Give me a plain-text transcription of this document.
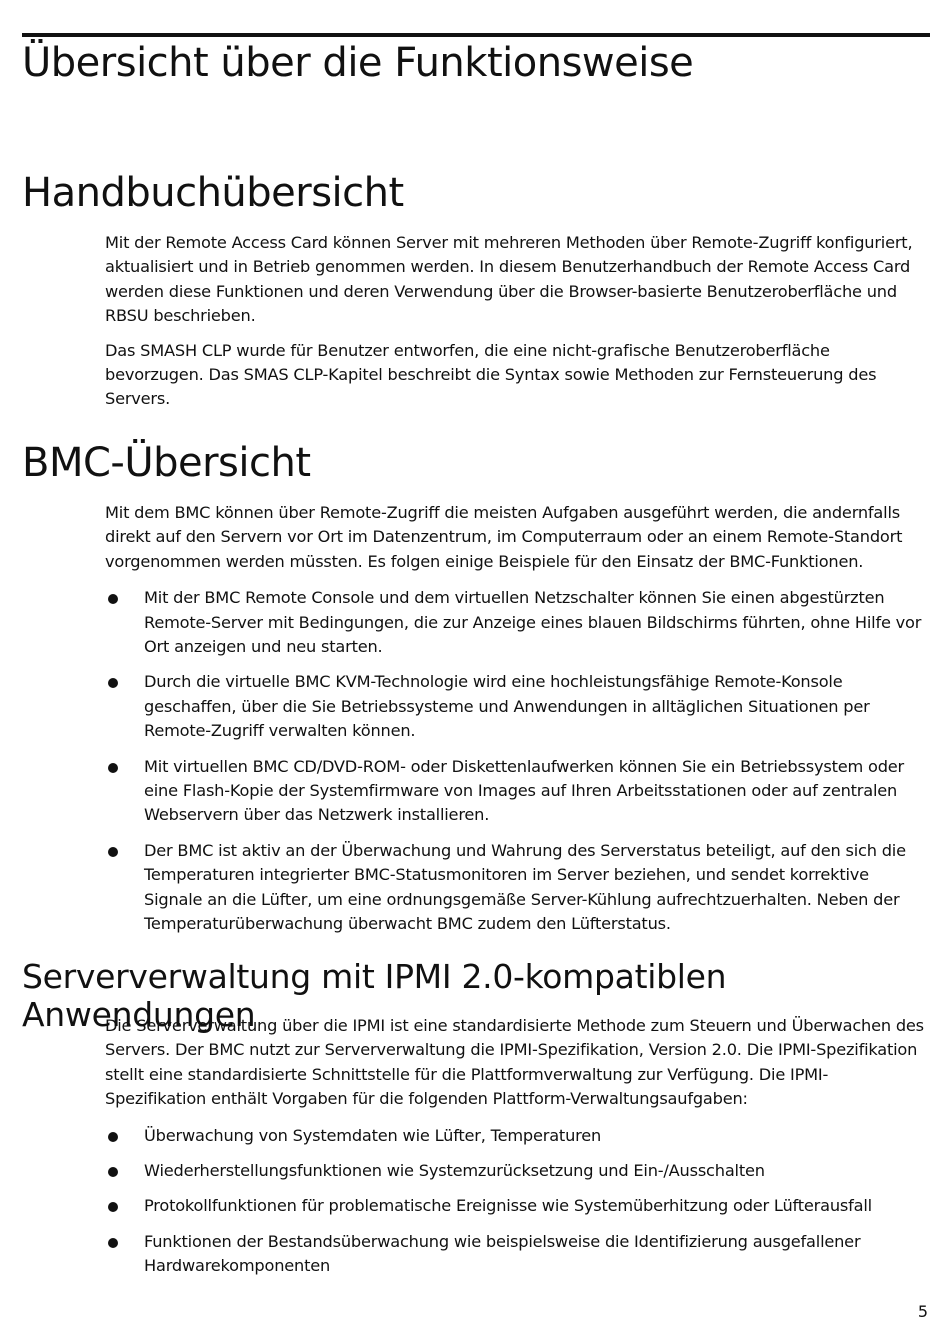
Übersicht über die Funktionsweise
Handbuchübersicht

Mit der Remote Access Card können Server mit mehreren Methoden über Remote-Zugriff konfiguriert, aktualisiert und in Betrieb genommen werden. In diesem Benutzerhandbuch der Remote Access Card werden diese Funktionen und deren Verwendung über die Browser-basierte Benutzeroberfläche und RBSU beschrieben.

Das SMASH CLP wurde für Benutzer entworfen, die eine nicht-grafische Benutzeroberfläche bevorzugen. Das SMAS CLP-Kapitel beschreibt die Syntax sowie Methoden zur Fernsteuerung des Servers.

BMC-Übersicht

Mit dem BMC können über Remote-Zugriff die meisten Aufgaben ausgeführt werden, die andernfalls direkt auf den Servern vor Ort im Datenzentrum, im Computerraum oder an einem Remote-Standort vorgenommen werden müssten. Es folgen einige Beispiele für den Einsatz der BMC-Funktionen.

Mit der BMC Remote Console und dem virtuellen Netzschalter können Sie einen abgestürzten Remote-Server mit Bedingungen, die zur Anzeige eines blauen Bildschirms führten, ohne Hilfe vor Ort anzeigen und neu starten.
Durch die virtuelle BMC KVM-Technologie wird eine hochleistungsfähige Remote-Konsole geschaffen, über die Sie Betriebssysteme und Anwendungen in alltäglichen Situationen per Remote-Zugriff verwalten können.
Mit virtuellen BMC CD/DVD-ROM- oder Diskettenlaufwerken können Sie ein Betriebssystem oder eine Flash-Kopie der Systemfirmware von Images auf Ihren Arbeitsstationen oder auf zentralen Webservern über das Netzwerk installieren.
Der BMC ist aktiv an der Überwachung und Wahrung des Serverstatus beteiligt, auf den sich die Temperaturen integrierter BMC-Statusmonitoren im Server beziehen, und sendet korrektive Signale an die Lüfter, um eine ordnungsgemäße Server-Kühlung aufrechtzuerhalten. Neben der Temperaturüberwachung überwacht BMC zudem den Lüfterstatus.
Serververwaltung mit IPMI 2.0-kompatiblen Anwendungen

Die Serververwaltung über die IPMI ist eine standardisierte Methode zum Steuern und Überwachen des Servers. Der BMC nutzt zur Serververwaltung die IPMI-Spezifikation, Version 2.0. Die IPMI-Spezifikation stellt eine standardisierte Schnittstelle für die Plattformverwaltung zur Verfügung. Die IPMI-Spezifikation enthält Vorgaben für die folgenden Plattform-Verwaltungsaufgaben:

Überwachung von Systemdaten wie Lüfter, Temperaturen
Wiederherstellungsfunktionen wie Systemzurücksetzung und Ein-/Ausschalten
Protokollfunktionen für problematische Ereignisse wie Systemüberhitzung oder Lüfterausfall
Funktionen der Bestandsüberwachung wie beispielsweise die Identifizierung ausgefallener Hardwarekomponenten
5
